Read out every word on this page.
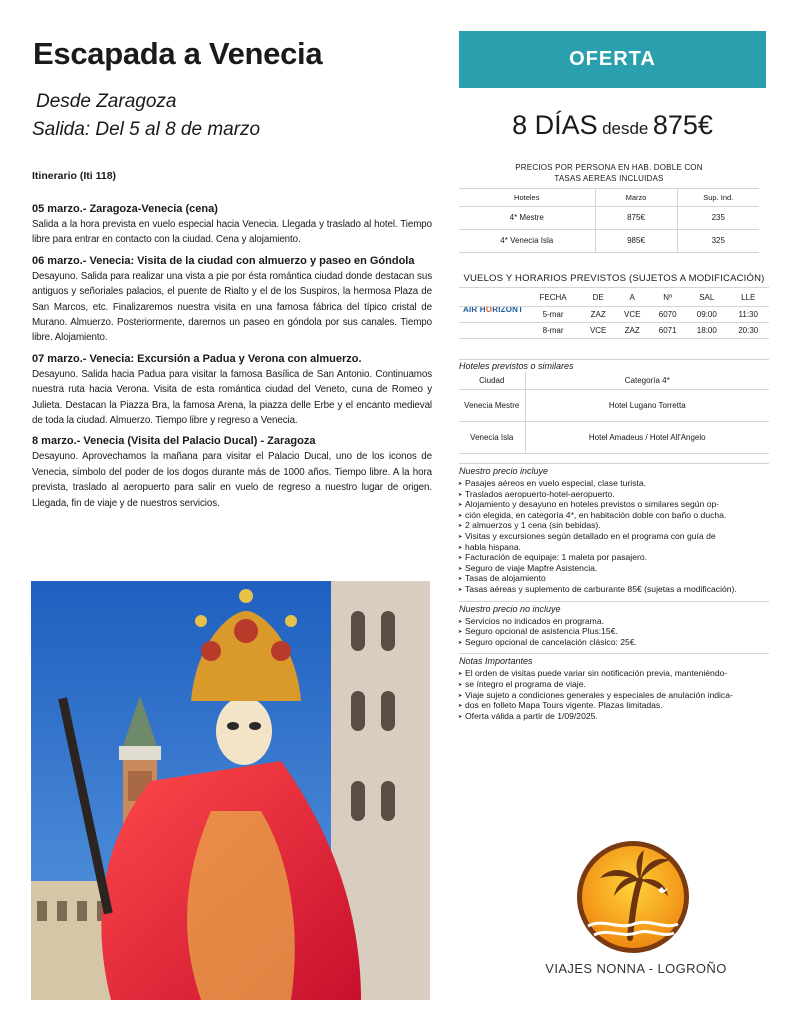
Escapada a Venecia
Desde Zaragoza
Salida: Del 5 al 8 de marzo
Itinerario (Iti 118)
05 marzo.- Zaragoza-Venecia (cena)
Salida a la hora prevista en vuelo especial hacia Venecia. Llegada y traslado al hotel. Tiempo libre para entrar en contacto con la ciudad. Cena y alojamiento.
06 marzo.- Venecia: Visita de la ciudad con almuerzo y paseo en Góndola
Desayuno. Salida para realizar una vista a pie por ésta romántica ciudad donde destacan sus antiguos y señoriales palacios, el puente de Rialto y el de los Suspiros, la hermosa Plaza de San Marcos, etc. Finalizaremos nuestra visita en una famosa fábrica del típico cristal de Murano. Almuerzo. Posteriormente, daremos un paseo en góndola por sus canales. Tiempo libre. Alojamiento.
07 marzo.- Venecia: Excursión a Padua y Verona con almuerzo.
Desayuno. Salida hacia Padua para visitar la famosa Basílica de San Antonio. Continuamos nuestra ruta hacia Verona. Visita de esta romántica ciudad del Veneto, cuna de Romeo y Julieta. Destacan la Piazza Bra, la famosa Arena, la piazza delle Erbe y el encanto medieval de toda la ciudad. Almuerzo. Tiempo libre y regreso a Venecia.
8 marzo.- Venecia (Visita del Palacio Ducal) - Zaragoza
Desayuno. Aprovechamos la mañana para visitar el Palacio Ducal, uno de los iconos de Venecia, símbolo del poder de los dogos durante más de 1000 años. Tiempo libre. A la hora prevista, traslado al aeropuerto para salir en vuelo de regreso a nuestro lugar de origen. Llegada, fin de viaje y de nuestros servicios.
OFERTA
8 DÍAS desde 875€
PRECIOS POR PERSONA EN HAB. DOBLE CON
TASAS AEREAS INCLUIDAS		

Hoteles	Marzo	Sup. Ind.
4* Mestre	875€	235
4* Venecia Isla	985€	325
VUELOS Y HORARIOS PREVISTOS (SUJETOS A MODIFICACIÓN)
AIR HORIZONT
	FECHA	DE	A	Nº	SAL	LLE
	5-mar	ZAZ	VCE	6070	09:00	11:30
	8-mar	VCE	ZAZ	6071	18:00	20:30
Hoteles previstos o similares
Ciudad	Categoría 4*
Venecia Mestre	Hotel Lugano Torretta
Venecia Isla	Hotel Amadeus / Hotel All'Angelo
Nuestro precio incluye
➤ Pasajes aéreos en vuelo especial, clase turista.
➤ Traslados aeropuerto-hotel-aeropuerto.
➤ Alojamiento y desayuno en hoteles previstos o similares según op-
➤ ción elegida, en categoría 4*, en habitación doble con baño o ducha.
➤ 2 almuerzos y 1 cena (sin bebidas).
➤ Visitas y excursiones según detallado en el programa con guía de
➤ habla hispana.
➤ Facturación de equipaje: 1 maleta por pasajero.
➤ Seguro de viaje Mapfre Asistencia.
➤ Tasas de alojamiento
➤ Tasas aéreas y suplemento de carburante 85€ (sujetas a modificación).
Nuestro precio no incluye
➤ Servicios no indicados en programa.
➤ Seguro opcional de asistencia Plus:15€.
➤ Seguro opcional de cancelación clásico: 25€.
Notas Importantes
➤ El orden de visitas puede variar sin notificación previa, manteniéndo-
➤ se íntegro el programa de viaje.
➤ Viaje sujeto a condiciones generales y especiales de anulación indica-
➤ dos en folleto Mapa Tours vigente. Plazas limitadas.
➤ Oferta válida a partir de 1/09/2025.
VIAJES NONNA - LOGROÑO
